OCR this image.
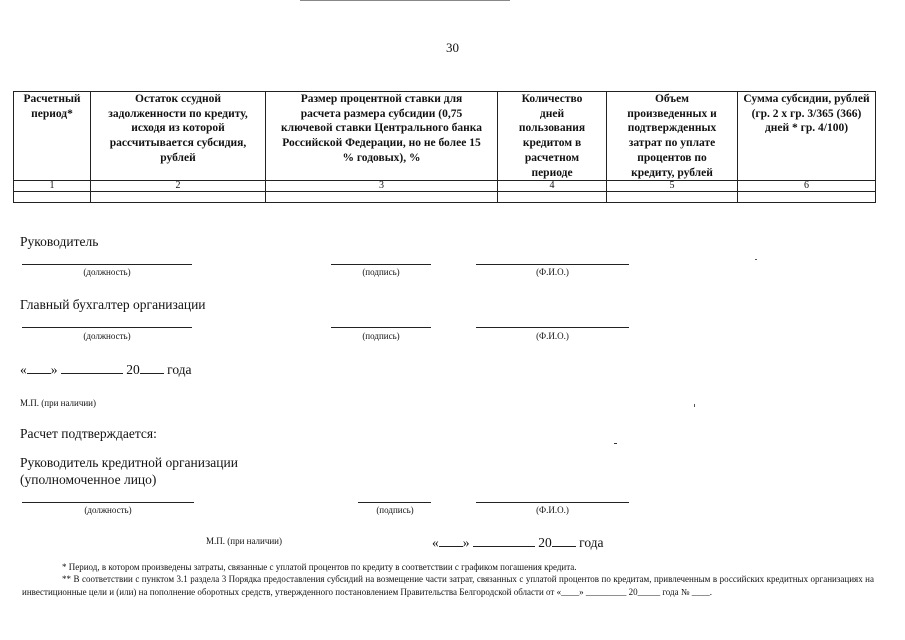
30
Расчетный период*	Остаток ссудной задолженности по кредиту, исходя из которой рассчитывается субсидия, рублей	Размер процентной ставки для расчета размера субсидии (0,75 ключевой ставки Центрального банка Российской Федерации, но не более 15 % годовых), %	Количество дней пользования кредитом в расчетном периоде	Объем произведенных и подтвержденных затрат по уплате процентов по кредиту, рублей	Сумма субсидии, рублей (гр. 2 x гр. 3/365 (366) дней * гр. 4/100)
1	2	3	4	5	6

Руководитель
(должность)	(подпись)	(Ф.И.О.)
Главный бухгалтер организации
(должность)	(подпись)	(Ф.И.О.)
« »	20 года
М.П. (при наличии)
Расчет подтверждается:
Руководитель кредитной организации
(уполномоченное лицо)
(должность)	(подпись)	(Ф.И.О.)
М.П. (при наличии)	« »	20 года
* Период, в котором произведены затраты, связанные с уплатой процентов по кредиту в соответствии с графиком погашения кредита.
** В соответствии с пунктом 3.1 раздела 3 Порядка предоставления субсидий на возмещение части затрат, связанных с уплатой процентов по кредитам, привлеченным в российских кредитных организациях на инвестиционные цели и (или) на пополнение оборотных средств, утвержденного постановлением Правительства Белгородской области от «____» _________ 20_____ года № ____.
